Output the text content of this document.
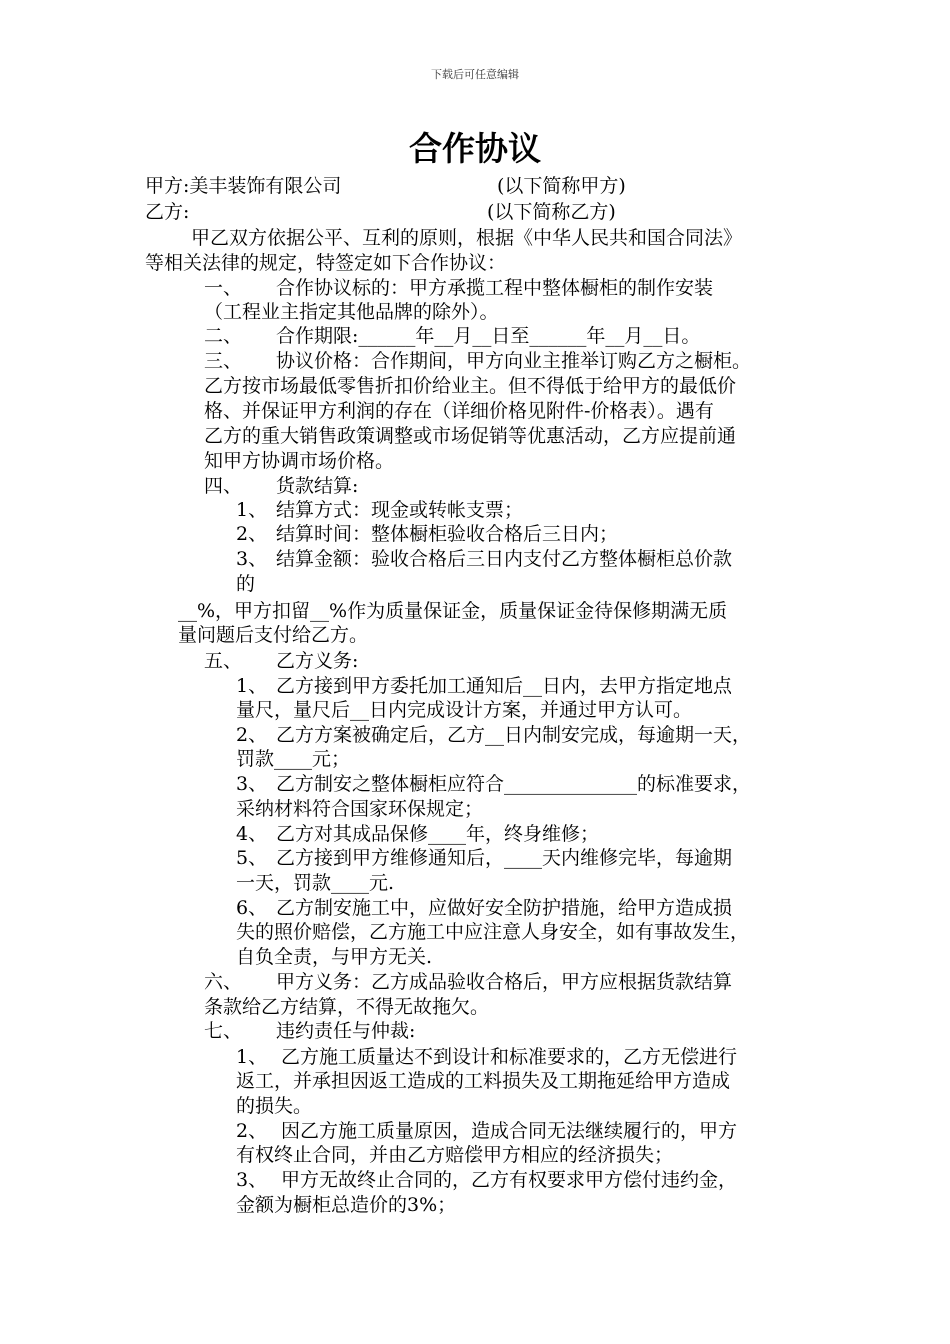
下载后可任意编辑
合作协议
甲方:美丰装饰有限公司	(以下简称甲方)
乙方:	(以下简称乙方)
甲乙双方依据公平、互利的原则，根据《中华人民共和国合同法》
等相关法律的规定，特签定如下合作协议：
一、 合作协议标的：甲方承揽工程中整体橱柜的制作安装
（工程业主指定其他品牌的除外）。
二、 合作期限:______年__月__日至______年__月__日。
三、 协议价格：合作期间，甲方向业主推举订购乙方之橱柜。
乙方按市场最低零售折扣价给业主。但不得低于给甲方的最低价
格、并保证甲方利润的存在（详细价格见附件-价格表）。遇有
乙方的重大销售政策调整或市场促销等优惠活动，乙方应提前通
知甲方协调市场价格。
四、 货款结算:
1、 结算方式：现金或转帐支票；
2、 结算时间：整体橱柜验收合格后三日内；
3、 结算金额：验收合格后三日内支付乙方整体橱柜总价款
的
__%，甲方扣留__%作为质量保证金，质量保证金待保修期满无质
量问题后支付给乙方。
五、 乙方义务:
1、 乙方接到甲方委托加工通知后__日内，去甲方指定地点
量尺，量尺后__日内完成设计方案，并通过甲方认可。
2、 乙方方案被确定后，乙方__日内制安完成，每逾期一天，
罚款____元；
3、 乙方制安之整体橱柜应符合______________的标准要求，
采纳材料符合国家环保规定；
4、 乙方对其成品保修____年，终身维修；
5、 乙方接到甲方维修通知后，____天内维修完毕，每逾期
一天，罚款____元.
6、 乙方制安施工中，应做好安全防护措施，给甲方造成损
失的照价赔偿，乙方施工中应注意人身安全，如有事故发生，
自负全责，与甲方无关.
六、 甲方义务：乙方成品验收合格后，甲方应根据货款结算
条款给乙方结算，不得无故拖欠。
七、 违约责任与仲裁:
1、 乙方施工质量达不到设计和标准要求的，乙方无偿进行
返工，并承担因返工造成的工料损失及工期拖延给甲方造成
的损失。
2、 因乙方施工质量原因，造成合同无法继续履行的，甲方
有权终止合同，并由乙方赔偿甲方相应的经济损失；
3、 甲方无故终止合同的，乙方有权要求甲方偿付违约金，
金额为橱柜总造价的3%；
